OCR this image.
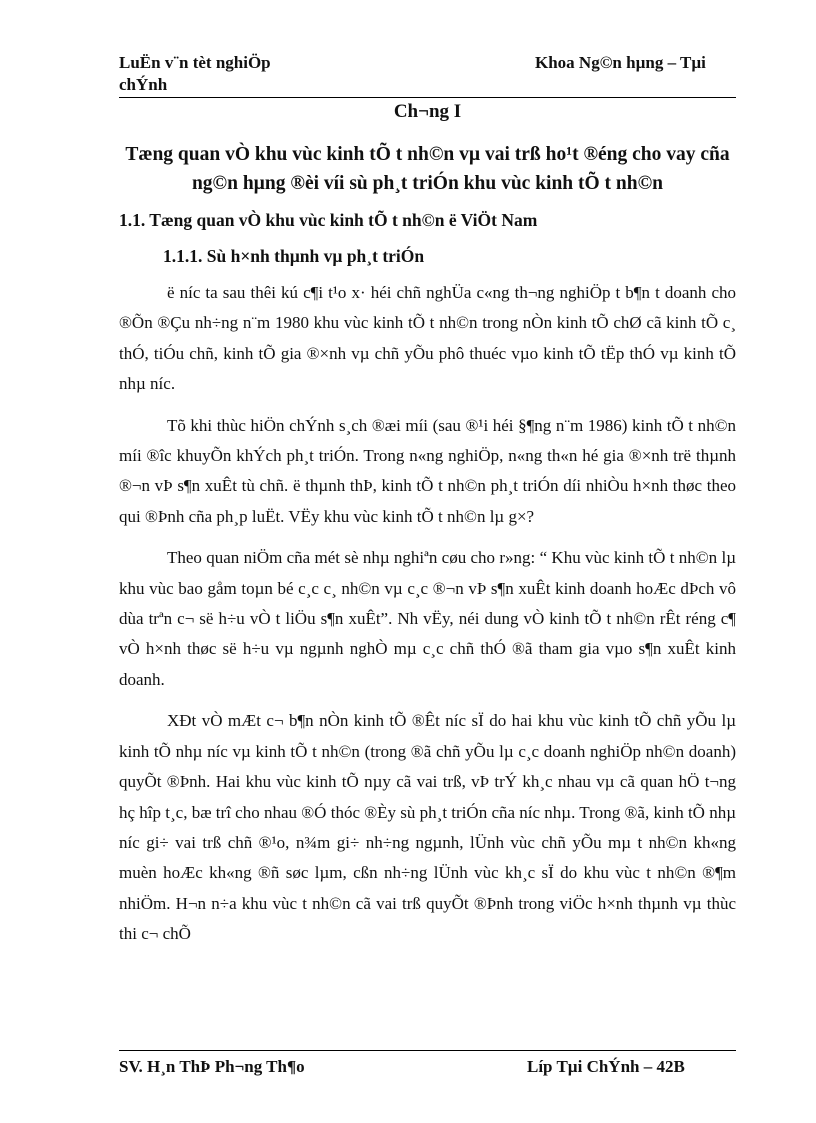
LuËn v¨n tèt nghiÖp
chÝnh
Khoa Ng©n hµng – Tµi
Ch¬ng I
Tæng quan vÒ khu vùc kinh tÕ t nh©n vµ vai trß ho¹t ®éng cho vay cña ng©n hµng ®èi víi sù ph¸t triÓn khu vùc kinh tÕ t nh©n
1.1. Tæng quan vÒ khu vùc kinh tÕ t nh©n ë ViÖt Nam
1.1.1. Sù h×nh thµnh vµ ph¸t triÓn

ë níc ta sau thêi kú c¶i t¹o x· héi chñ nghÜa c«ng th¬ng nghiÖp t b¶n t doanh cho ®Õn ®Çu nh÷ng n¨m 1980 khu vùc kinh tÕ t nh©n trong nÒn kinh tÕ chØ cã kinh tÕ c¸ thÓ, tiÓu chñ, kinh tÕ gia ®×nh vµ chñ yÕu phô thuéc vµo kinh tÕ tËp thÓ vµ kinh tÕ nhµ níc.

Tõ khi thùc hiÖn chÝnh s¸ch ®æi míi (sau ®¹i héi §¶ng n¨m 1986) kinh tÕ t nh©n míi ®îc khuyÕn khÝch ph¸t triÓn. Trong n«ng nghiÖp, n«ng th«n hé gia ®×nh trë thµnh ®¬n vÞ s¶n xuÊt tù chñ. ë thµnh thÞ, kinh tÕ t nh©n ph¸t triÓn díi nhiÒu h×nh thøc theo qui ®Þnh cña ph¸p luËt. VËy khu vùc kinh tÕ t nh©n lµ g×?

Theo quan niÖm cña mét sè nhµ nghiªn cøu cho r»ng: “ Khu vùc kinh tÕ t nh©n lµ khu vùc bao gåm toµn bé c¸c c¸ nh©n vµ c¸c ®¬n vÞ s¶n xuÊt kinh doanh hoÆc dÞch vô dùa trªn c¬ së h÷u vÒ t liÖu s¶n xuÊt”. Nh vËy, néi dung vÒ kinh tÕ t nh©n rÊt réng c¶ vÒ h×nh thøc së h÷u vµ ngµnh nghÒ mµ c¸c chñ thÓ ®ã tham gia vµo s¶n xuÊt kinh doanh.

XÐt vÒ mÆt c¬ b¶n nÒn kinh tÕ ®Êt níc sÏ do hai khu vùc kinh tÕ chñ yÕu lµ kinh tÕ nhµ níc vµ kinh tÕ t nh©n (trong ®ã chñ yÕu lµ c¸c doanh nghiÖp nh©n doanh) quyÕt ®Þnh. Hai khu vùc kinh tÕ nµy cã vai trß, vÞ trÝ kh¸c nhau vµ cã quan hÖ t¬ng hç hîp t¸c, bæ trî cho nhau ®Ó thóc ®Èy sù ph¸t triÓn cña níc nhµ. Trong ®ã, kinh tÕ nhµ níc gi÷ vai trß chñ ®¹o, n¾m gi÷ nh÷ng ngµnh, lÜnh vùc chñ yÕu mµ t nh©n kh«ng muèn hoÆc kh«ng ®ñ søc lµm, cßn nh÷ng lÜnh vùc kh¸c sÏ do khu vùc t nh©n ®¶m nhiÖm. H¬n n÷a khu vùc t nh©n cã vai trß quyÕt ®Þnh trong viÖc h×nh thµnh vµ thùc thi c¬ chÕ

SV. H¸n ThÞ Ph¬ng Th¶o	Líp Tµi ChÝnh – 42B
